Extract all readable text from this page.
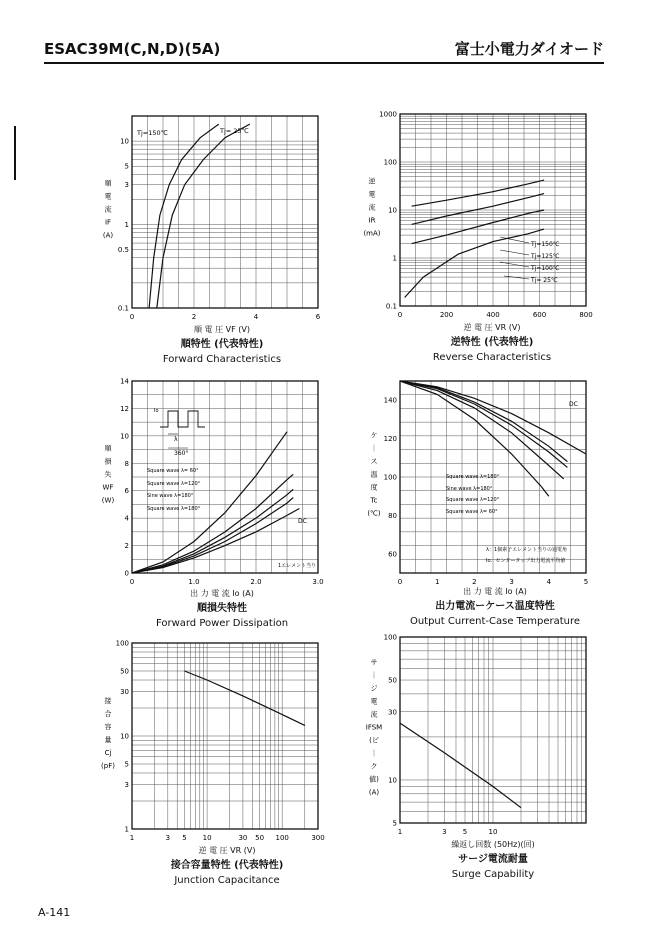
ESAC39M(C,N,D)(5A)	富士小電力ダイオード
0	2	4	6
0.1
0.5
1
3
5
10
順
電
流
IF
(A)
0	200	400	600	800
0.1
1
10
100
1000
逆
電
流
IR
(mA)
0	1.0	2.0	3.0
0
2
4
6
8
10
12
14
順
損
失
WF
(W)
0	1	2	3	4	5
60
80
100
120
140
ケ
｜
ス
温
度
Tc
(℃)
1	3 5 10	30 50 100	300
1
3
5
10
30
50
100
接
合
容
量
Cj
(pF)
1	3 5	10
5
10
30
50
100
サ
｜
ジ
電
流
IFSM
(ピ
｜
ク
値)
(A)
Tj=150℃	Tj= 25℃
Tj=150℃
Tj=125℃
Tj=100℃
Tj= 25℃
Square wave λ= 60°
Square wave λ=120°
Sine wave λ=180°
Square wave λ=180°
DC
1エレメント当り
Io
λ
360°
DC
Square wave λ=180°
Sine wave λ=180°
Square wave λ=120°
Square wave λ= 60°
λ：1個素子エレメント当りの通電角
Io：センタータップ出力電流平均値
順 電 圧 VF (V)
順特性 (代表特性)
Forward Characteristics
逆 電 圧 VR (V)
逆特性 (代表特性)
Reverse Characteristics
出 力 電 流 Io (A)
順損失特性
Forward Power Dissipation
出 力 電 流 Io (A)
出力電流ーケース温度特性
Output Current-Case Temperature
逆 電 圧 VR (V)
接合容量特性 (代表特性)
Junction Capacitance
繰返し回数 (50Hz)(回)
サージ電流耐量
Surge Capability
A-141
